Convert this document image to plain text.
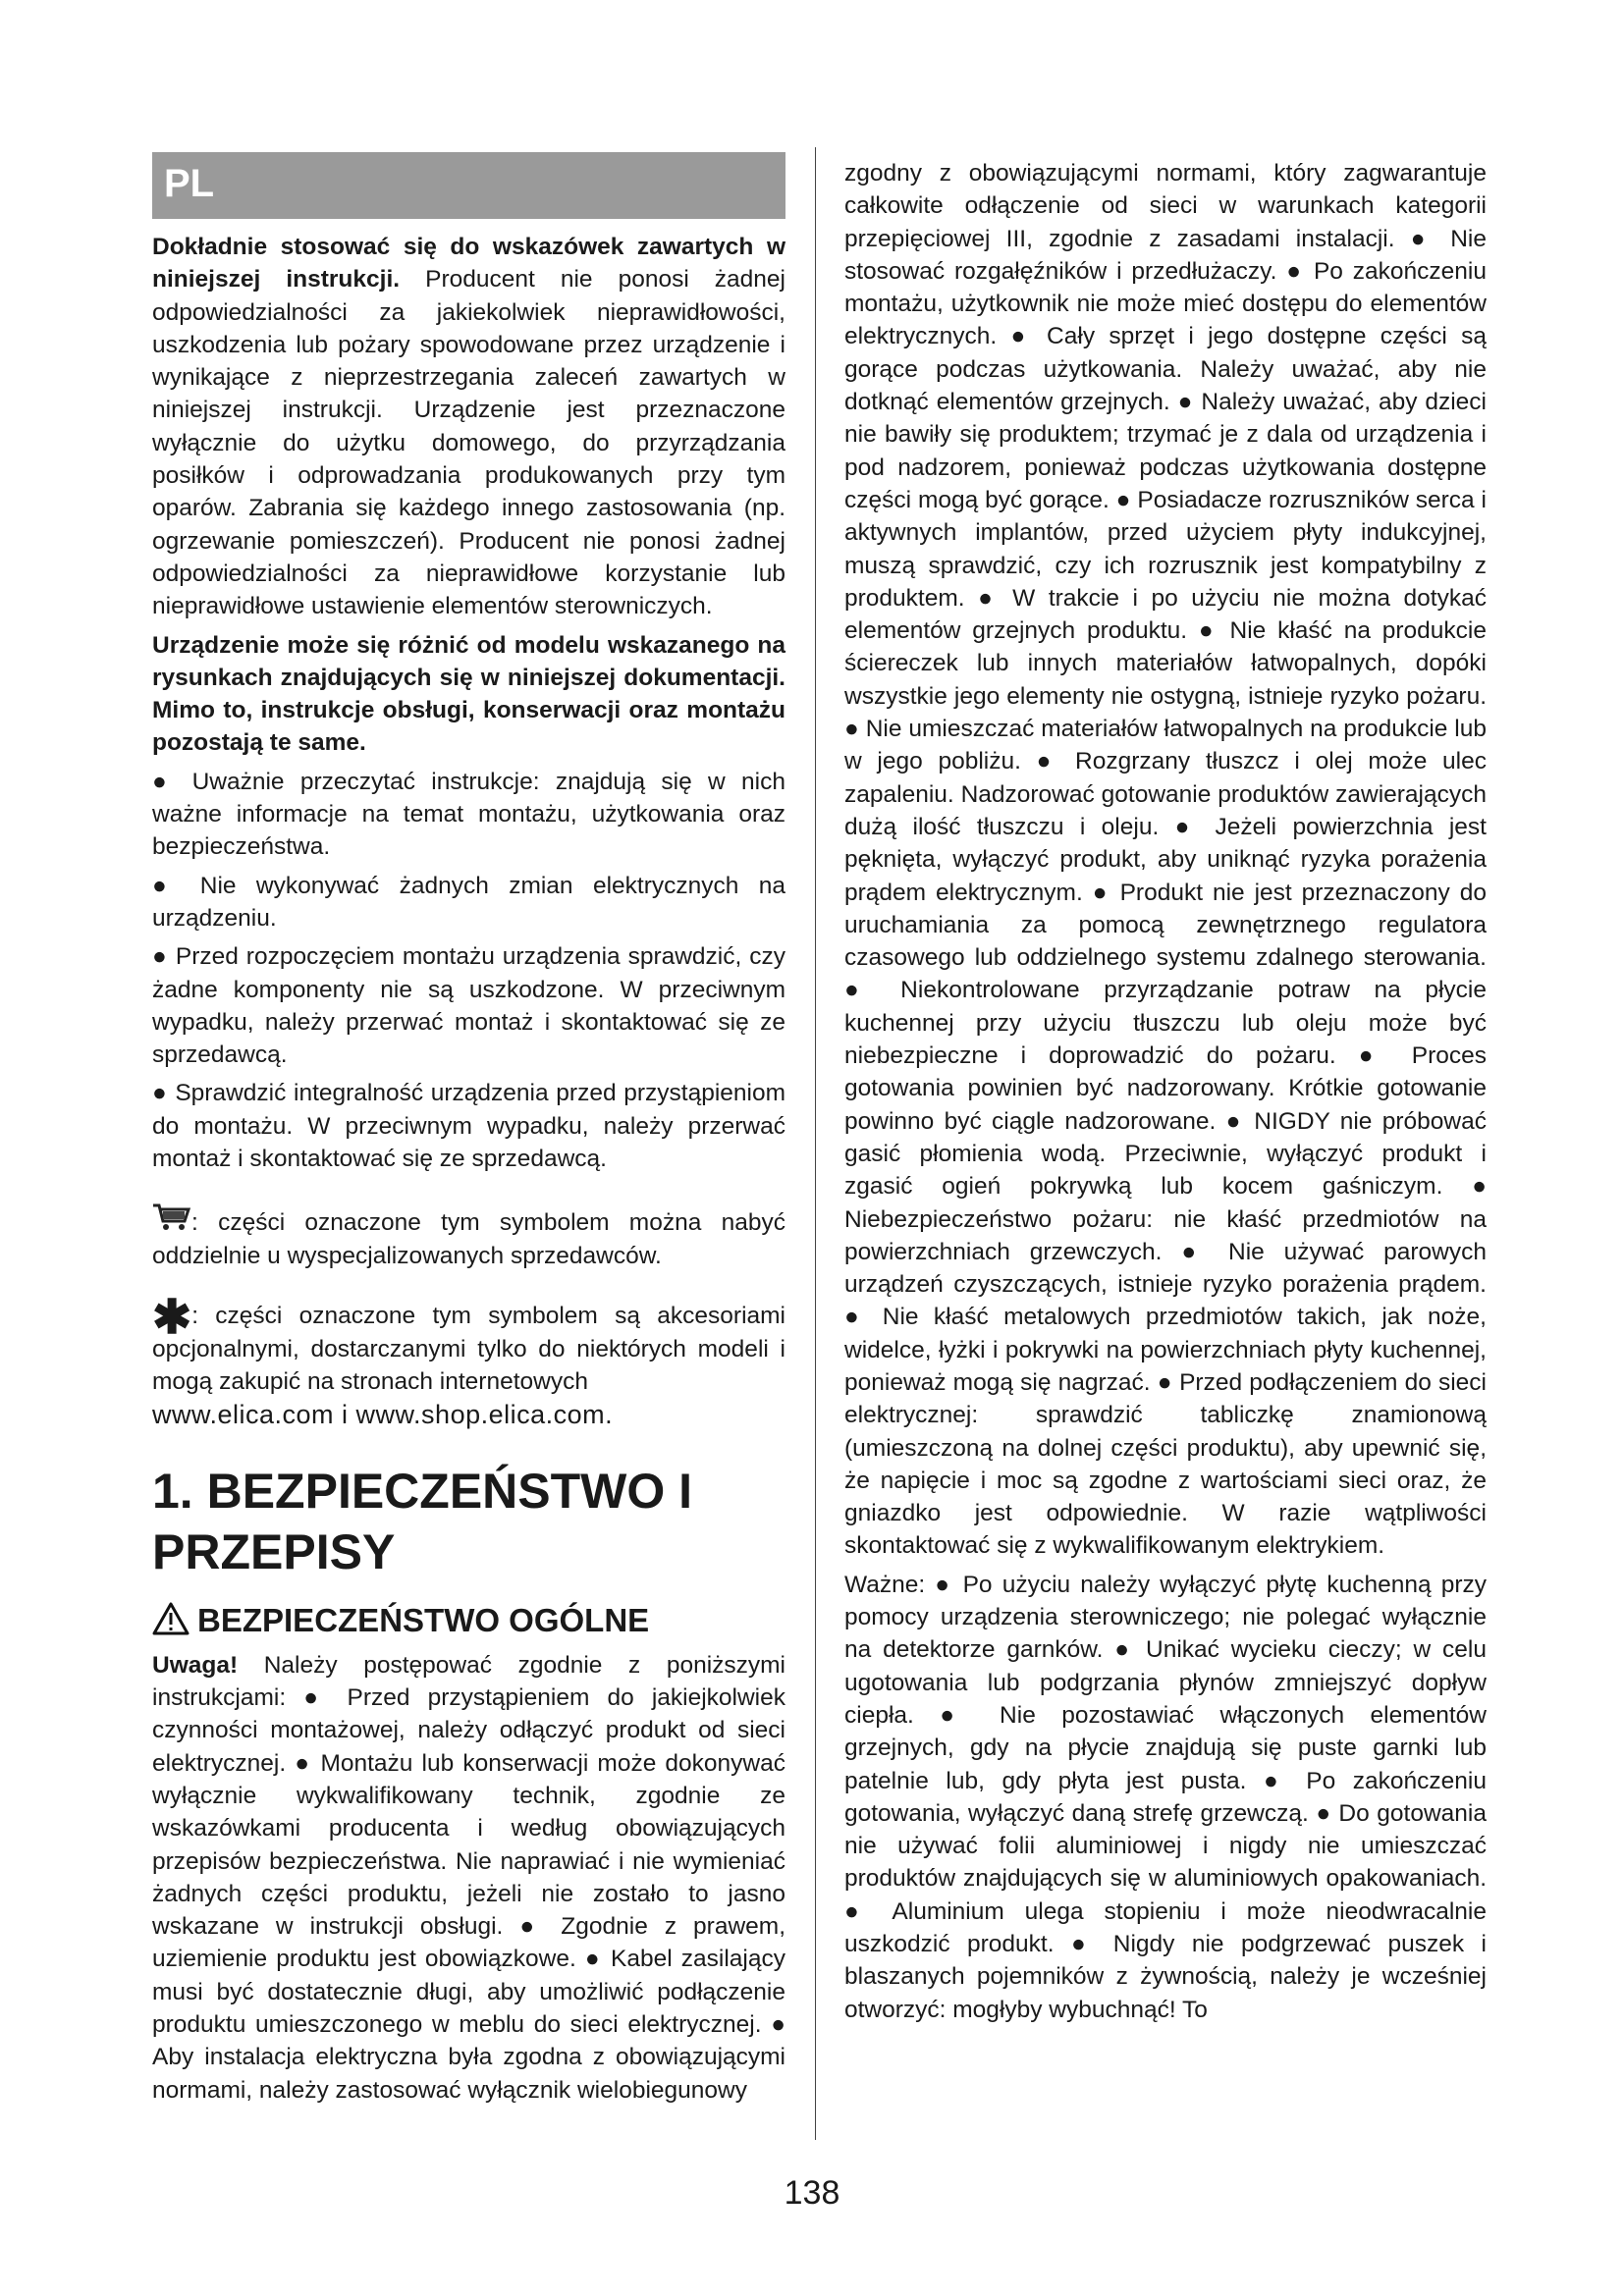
PL

Dokładnie stosować się do wskazówek zawartych w niniejszej instrukcji. Producent nie ponosi żadnej odpowiedzialności za jakiekolwiek nieprawidłowości, uszkodzenia lub pożary spowodowane przez urządzenie i wynikające z nieprzestrzegania zaleceń zawartych w niniejszej instrukcji. Urządzenie jest przeznaczone wyłącznie do użytku domowego, do przyrządzania posiłków i odprowadzania produkowanych przy tym oparów. Zabrania się każdego innego zastosowania (np. ogrzewanie pomieszczeń). Producent nie ponosi żadnej odpowiedzialności za nieprawidłowe korzystanie lub nieprawidłowe ustawienie elementów sterowniczych.

Urządzenie może się różnić od modelu wskazanego na rysunkach znajdujących się w niniejszej dokumentacji. Mimo to, instrukcje obsługi, konserwacji oraz montażu pozostają te same.

● Uważnie przeczytać instrukcje: znajdują się w nich ważne informacje na temat montażu, użytkowania oraz bezpieczeństwa.

● Nie wykonywać żadnych zmian elektrycznych na urządzeniu.

● Przed rozpoczęciem montażu urządzenia sprawdzić, czy żadne komponenty nie są uszkodzone. W przeciwnym wypadku, należy przerwać montaż i skontaktować się ze sprzedawcą.

● Sprawdzić integralność urządzenia przed przystąpieniom do montażu. W przeciwnym wypadku, należy przerwać montaż i skontaktować się ze sprzedawcą.

: części oznaczone tym symbolem można nabyć oddzielnie u wyspecjalizowanych sprzedawców.
✱: części oznaczone tym symbolem są akcesoriami opcjonalnymi, dostarczanymi tylko do niektórych modeli i mogą zakupić na stronach internetowych
www.elica.com i www.shop.elica.com.
1. BEZPIECZEŃSTWO I PRZEPISY
BEZPIECZEŃSTWO OGÓLNE

Uwaga! Należy postępować zgodnie z poniższymi instrukcjami: ● Przed przystąpieniem do jakiejkolwiek czynności montażowej, należy odłączyć produkt od sieci elektrycznej. ● Montażu lub konserwacji może dokonywać wyłącznie wykwalifikowany technik, zgodnie ze wskazówkami producenta i według obowiązujących przepisów bezpieczeństwa. Nie naprawiać i nie wymieniać żadnych części produktu, jeżeli nie zostało to jasno wskazane w instrukcji obsługi. ● Zgodnie z prawem, uziemienie produktu jest obowiązkowe. ● Kabel zasilający musi być dostatecznie długi, aby umożliwić podłączenie produktu umieszczonego w meblu do sieci elektrycznej. ● Aby instalacja elektryczna była zgodna z obowiązującymi normami, należy zastosować wyłącznik wielobiegunowy

zgodny z obowiązującymi normami, który zagwarantuje całkowite odłączenie od sieci w warunkach kategorii przepięciowej III, zgodnie z zasadami instalacji. ● Nie stosować rozgałęźników i przedłużaczy. ● Po zakończeniu montażu, użytkownik nie może mieć dostępu do elementów elektrycznych. ● Cały sprzęt i jego dostępne części są gorące podczas użytkowania. Należy uważać, aby nie dotknąć elementów grzejnych. ● Należy uważać, aby dzieci nie bawiły się produktem; trzymać je z dala od urządzenia i pod nadzorem, ponieważ podczas użytkowania dostępne części mogą być gorące. ● Posiadacze rozruszników serca i aktywnych implantów, przed użyciem płyty indukcyjnej, muszą sprawdzić, czy ich rozrusznik jest kompatybilny z produktem. ● W trakcie i po użyciu nie można dotykać elementów grzejnych produktu. ● Nie kłaść na produkcie ściereczek lub innych materiałów łatwopalnych, dopóki wszystkie jego elementy nie ostygną, istnieje ryzyko pożaru. ● Nie umieszczać materiałów łatwopalnych na produkcie lub w jego pobliżu. ● Rozgrzany tłuszcz i olej może ulec zapaleniu. Nadzorować gotowanie produktów zawierających dużą ilość tłuszczu i oleju. ● Jeżeli powierzchnia jest pęknięta, wyłączyć produkt, aby uniknąć ryzyka porażenia prądem elektrycznym. ● Produkt nie jest przeznaczony do uruchamiania za pomocą zewnętrznego regulatora czasowego lub oddzielnego systemu zdalnego sterowania. ● Niekontrolowane przyrządzanie potraw na płycie kuchennej przy użyciu tłuszczu lub oleju może być niebezpieczne i doprowadzić do pożaru. ● Proces gotowania powinien być nadzorowany. Krótkie gotowanie powinno być ciągle nadzorowane. ● NIGDY nie próbować gasić płomienia wodą. Przeciwnie, wyłączyć produkt i zgasić ogień pokrywką lub kocem gaśniczym. ● Niebezpieczeństwo pożaru: nie kłaść przedmiotów na powierzchniach grzewczych. ● Nie używać parowych urządzeń czyszczących, istnieje ryzyko porażenia prądem. ● Nie kłaść metalowych przedmiotów takich, jak noże, widelce, łyżki i pokrywki na powierzchniach płyty kuchennej, ponieważ mogą się nagrzać. ● Przed podłączeniem do sieci elektrycznej: sprawdzić tabliczkę znamionową (umieszczoną na dolnej części produktu), aby upewnić się, że napięcie i moc są zgodne z wartościami sieci oraz, że gniazdko jest odpowiednie. W razie wątpliwości skontaktować się z wykwalifikowanym elektrykiem.

Ważne: ● Po użyciu należy wyłączyć płytę kuchenną przy pomocy urządzenia sterowniczego; nie polegać wyłącznie na detektorze garnków. ● Unikać wycieku cieczy; w celu ugotowania lub podgrzania płynów zmniejszyć dopływ ciepła. ● Nie pozostawiać włączonych elementów grzejnych, gdy na płycie znajdują się puste garnki lub patelnie lub, gdy płyta jest pusta. ● Po zakończeniu gotowania, wyłączyć daną strefę grzewczą. ● Do gotowania nie używać folii aluminiowej i nigdy nie umieszczać produktów znajdujących się w aluminiowych opakowaniach. ● Aluminium ulega stopieniu i może nieodwracalnie uszkodzić produkt. ● Nigdy nie podgrzewać puszek i blaszanych pojemników z żywnością, należy je wcześniej otworzyć: mogłyby wybuchnąć! To

138
